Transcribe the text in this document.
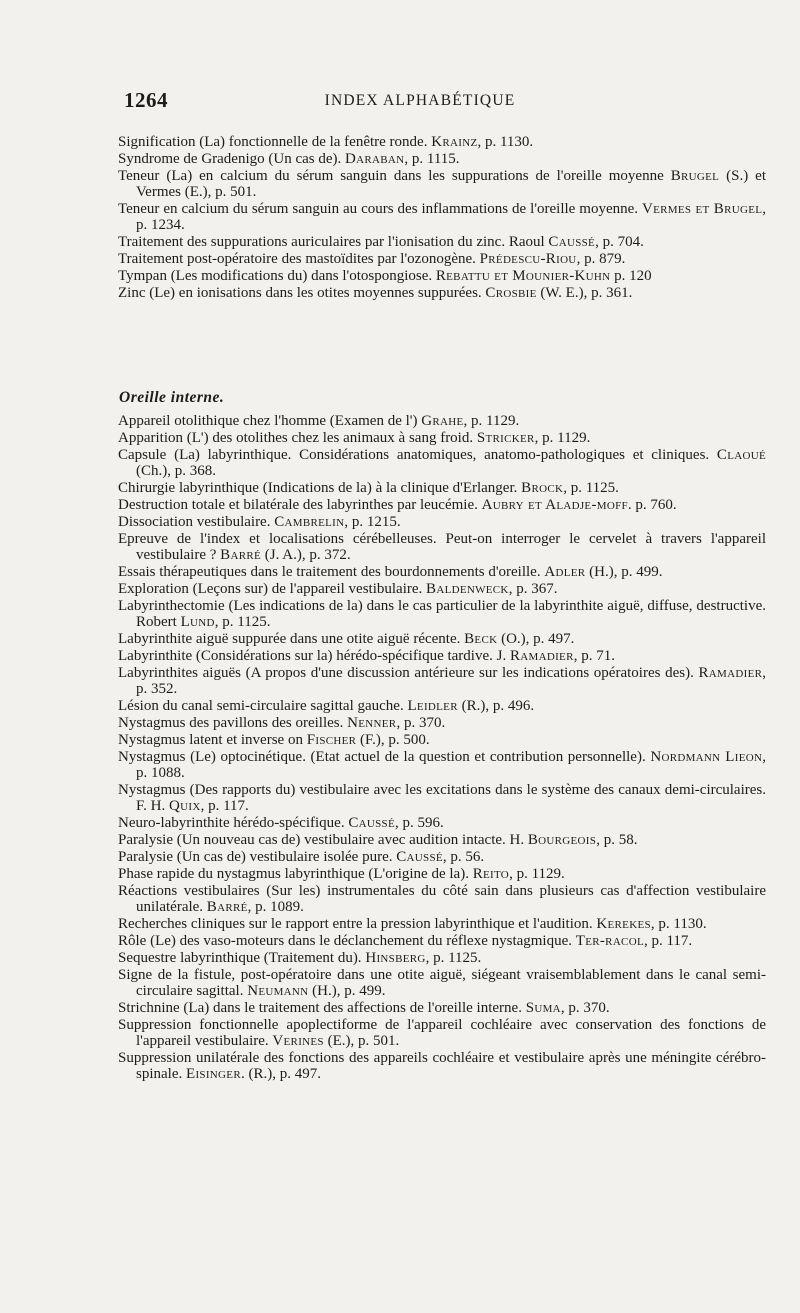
1264	INDEX ALPHABÉTIQUE

Signification (La) fonctionnelle de la fenêtre ronde. Krainz, p. 1130.

Syndrome de Gradenigo (Un cas de). Daraban, p. 1115.

Teneur (La) en calcium du sérum sanguin dans les suppurations de l'oreille moyenne Brugel (S.) et Vermes (E.), p. 501.

Teneur en calcium du sérum sanguin au cours des inflammations de l'oreille moyenne. Vermes et Brugel, p. 1234.

Traitement des suppurations auriculaires par l'ionisation du zinc. Raoul Caussé, p. 704.

Traitement post-opératoire des mastoïdites par l'ozonogène. Prédescu-Riou, p. 879.

Tympan (Les modifications du) dans l'otospongiose. Rebattu et Mounier-Kuhn p. 120

Zinc (Le) en ionisations dans les otites moyennes suppurées. Crosbie (W. E.), p. 361.

Oreille interne.

Appareil otolithique chez l'homme (Examen de l') Grahe, p. 1129.

Apparition (L') des otolithes chez les animaux à sang froid. Stricker, p. 1129.

Capsule (La) labyrinthique. Considérations anatomiques, anatomo-pathologiques et cliniques. Claoué (Ch.), p. 368.

Chirurgie labyrinthique (Indications de la) à la clinique d'Erlanger. Brock, p. 1125.

Destruction totale et bilatérale des labyrinthes par leucémie. Aubry et Aladje-moff. p. 760.

Dissociation vestibulaire. Cambrelin, p. 1215.

Epreuve de l'index et localisations cérébelleuses. Peut-on interroger le cervelet à travers l'appareil vestibulaire ? Barré (J. A.), p. 372.

Essais thérapeutiques dans le traitement des bourdonnements d'oreille. Adler (H.), p. 499.

Exploration (Leçons sur) de l'appareil vestibulaire. Baldenweck, p. 367.

Labyrinthectomie (Les indications de la) dans le cas particulier de la labyrinthite aiguë, diffuse, destructive. Robert Lund, p. 1125.

Labyrinthite aiguë suppurée dans une otite aiguë récente. Beck (O.), p. 497.

Labyrinthite (Considérations sur la) hérédo-spécifique tardive. J. Ramadier, p. 71.

Labyrinthites aiguës (A propos d'une discussion antérieure sur les indications opératoires des). Ramadier, p. 352.

Lésion du canal semi-circulaire sagittal gauche. Leidler (R.), p. 496.

Nystagmus des pavillons des oreilles. Nenner, p. 370.

Nystagmus latent et inverse on Fischer (F.), p. 500.

Nystagmus (Le) optocinétique. (Etat actuel de la question et contribution personnelle). Nordmann Lieon, p. 1088.

Nystagmus (Des rapports du) vestibulaire avec les excitations dans le système des canaux demi-circulaires. F. H. Quix, p. 117.

Neuro-labyrinthite hérédo-spécifique. Caussé, p. 596.

Paralysie (Un nouveau cas de) vestibulaire avec audition intacte. H. Bourgeois, p. 58.

Paralysie (Un cas de) vestibulaire isolée pure. Caussé, p. 56.

Phase rapide du nystagmus labyrinthique (L'origine de la). Reito, p. 1129.

Réactions vestibulaires (Sur les) instrumentales du côté sain dans plusieurs cas d'affection vestibulaire unilatérale. Barré, p. 1089.

Recherches cliniques sur le rapport entre la pression labyrinthique et l'audition. Kerekes, p. 1130.

Rôle (Le) des vaso-moteurs dans le déclanchement du réflexe nystagmique. Ter-racol, p. 117.

Sequestre labyrinthique (Traitement du). Hinsberg, p. 1125.

Signe de la fistule, post-opératoire dans une otite aiguë, siégeant vraisemblablement dans le canal semi-circulaire sagittal. Neumann (H.), p. 499.

Strichnine (La) dans le traitement des affections de l'oreille interne. Suma, p. 370.

Suppression fonctionnelle apoplectiforme de l'appareil cochléaire avec conservation des fonctions de l'appareil vestibulaire. Verines (E.), p. 501.

Suppression unilatérale des fonctions des appareils cochléaire et vestibulaire après une méningite cérébro-spinale. Eisinger. (R.), p. 497.
